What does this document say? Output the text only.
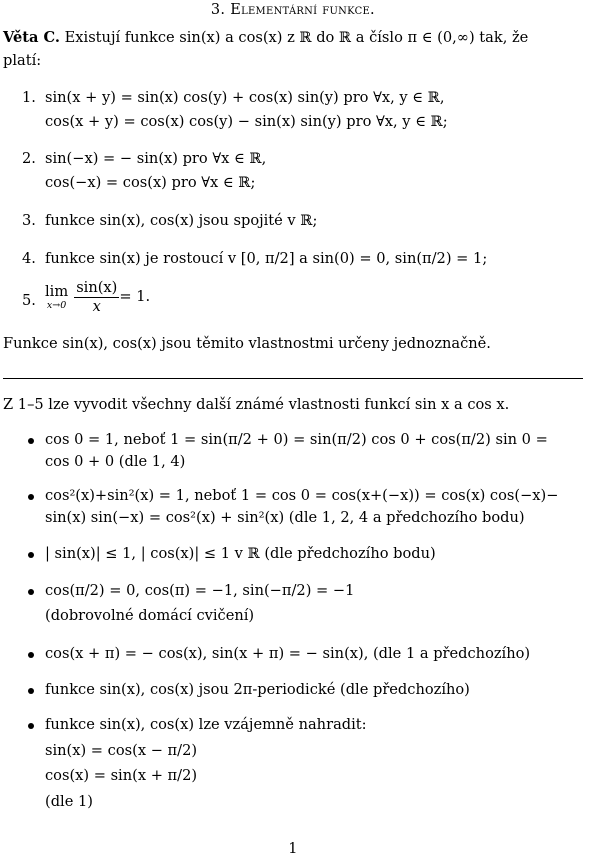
3. Elementární funkce.
Věta C. Existují funkce sin(x) a cos(x) z ℝ do ℝ a číslo π ∈ (0,∞) tak, že
platí:
1. sin(x + y) = sin(x) cos(y) + cos(x) sin(y) pro ∀x, y ∈ ℝ,
cos(x + y) = cos(x) cos(y) − sin(x) sin(y) pro ∀x, y ∈ ℝ;
2. sin(−x) = − sin(x) pro ∀x ∈ ℝ,
cos(−x) = cos(x) pro ∀x ∈ ℝ;
3. funkce sin(x), cos(x) jsou spojité v ℝ;
4. funkce sin(x) je rostoucí v [0, π/2] a sin(0) = 0, sin(π/2) = 1;
5.
lim
$x\to 0 \frac{\sin(x)}{x} = 1$.
Funkce sin(x), cos(x) jsou těmito vlastnostmi určeny jednoznačně.
Z 1–5 lze vyvodit všechny další známé vlastnosti funkcí sin x a cos x.
cos 0 = 1, neboť 1 = sin(π/2 + 0) = sin(π/2) cos 0 + cos(π/2) sin 0 =
cos 0 + 0 (dle 1, 4)
cos²(x)+sin²(x) = 1, neboť 1 = cos 0 = cos(x+(−x)) = cos(x) cos(−x)−
sin(x) sin(−x) = cos²(x) + sin²(x) (dle 1, 2, 4 a předchozího bodu)
| sin(x)| ≤ 1, | cos(x)| ≤ 1 v ℝ (dle předchozího bodu)
cos(π/2) = 0, cos(π) = −1, sin(−π/2) = −1
(dobrovolné domácí cvičení)
cos(x + π) = − cos(x), sin(x + π) = − sin(x), (dle 1 a předchozího)
funkce sin(x), cos(x) jsou 2π-periodické (dle předchozího)
funkce sin(x), cos(x) lze vzájemně nahradit:
sin(x) = cos(x − π/2)
cos(x) = sin(x + π/2)
(dle 1)
1
